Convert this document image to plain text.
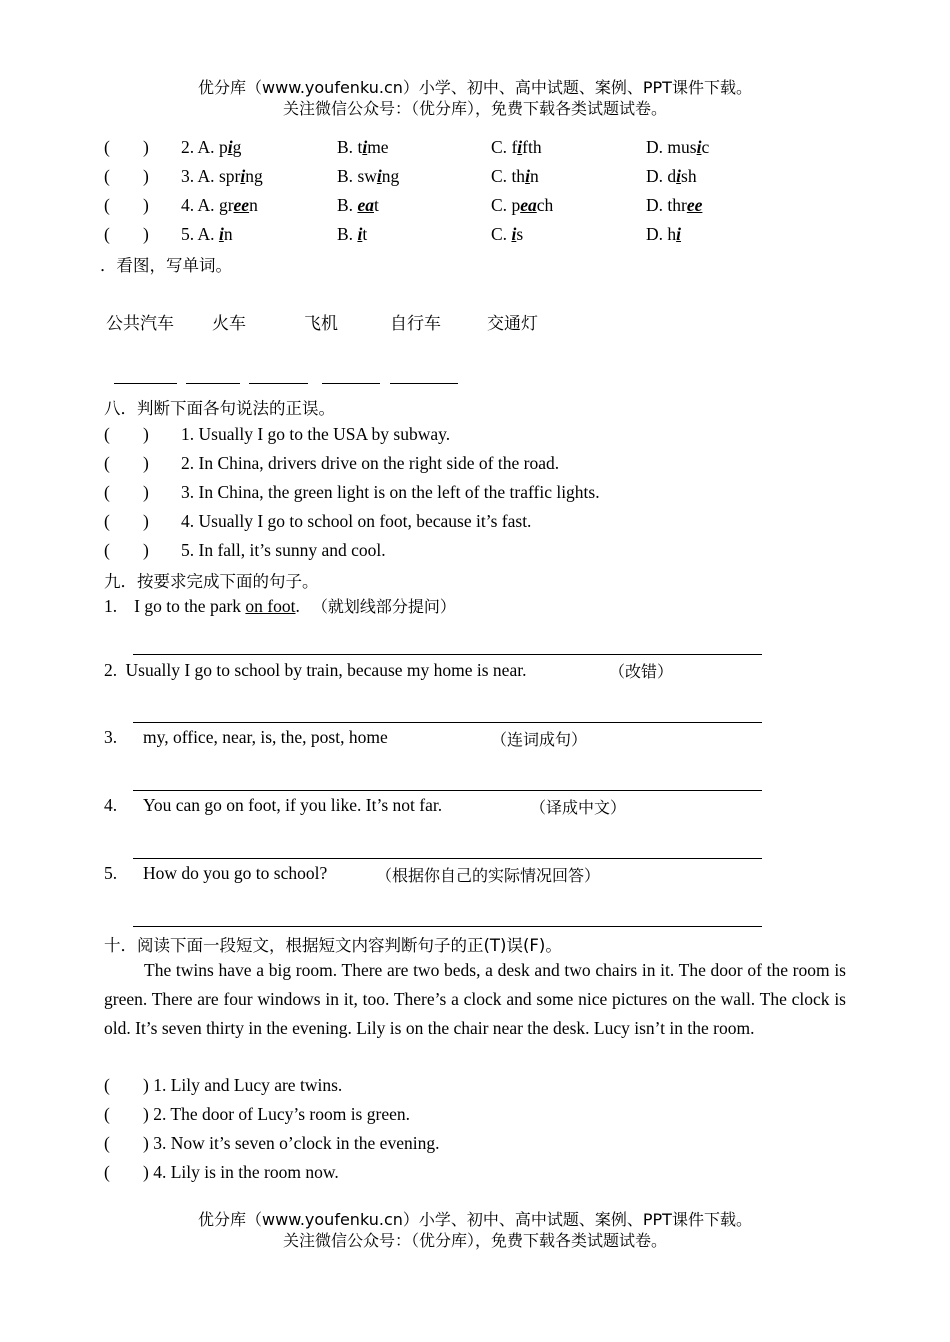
优分库（www.youfenku.cn）小学、初中、高中试题、案例、PPT课件下载。
关注微信公众号：（优分库），免费下载各类试题试卷。
( ) 2. A. pig	B. time	C. fifth	D. music
( ) 3. A. spring	B. swing	C. thin	D. dish
( ) 4. A. green	B. eat	C. peach	D. three
( ) 5. A. in	B. it	C. is	D. hi
．看图，写单词。
公共汽车 火车	飞机	自行车	交通灯
八．判断下面各句说法的正误。
( ) 1. Usually I go to the USA by subway.
( ) 2. In China, drivers drive on the right side of the road.
( ) 3. In China, the green light is on the left of the traffic lights.
( ) 4. Usually I go to school on foot, because it’s fast.
( ) 5. In fall, it’s sunny and cool.
九．按要求完成下面的句子。
1. I go to the park on foot. （就划线部分提问）
2. Usually I go to school by train, because my home is near.	（改错）
3. my, office, near, is, the, post, home	（连词成句）
4. You can go on foot, if you like. It’s not far.	（译成中文）
5. How do you go to school?	（根据你自己的实际情况回答）
十．阅读下面一段短文，根据短文内容判断句子的正(T)误(F)。
The twins have a big room. There are two beds, a desk and two chairs in it. The door of the room is green. There are four windows in it, too. There’s a clock and some nice pictures on the wall. The clock is old. It’s seven thirty in the evening. Lily is on the chair near the desk. Lucy isn’t in the room.
( ) 1. Lily and Lucy are twins.
( ) 2. The door of Lucy’s room is green.
( ) 3. Now it’s seven o’clock in the evening.
( ) 4. Lily is in the room now.
优分库（www.youfenku.cn）小学、初中、高中试题、案例、PPT课件下载。
关注微信公众号：（优分库），免费下载各类试题试卷。
